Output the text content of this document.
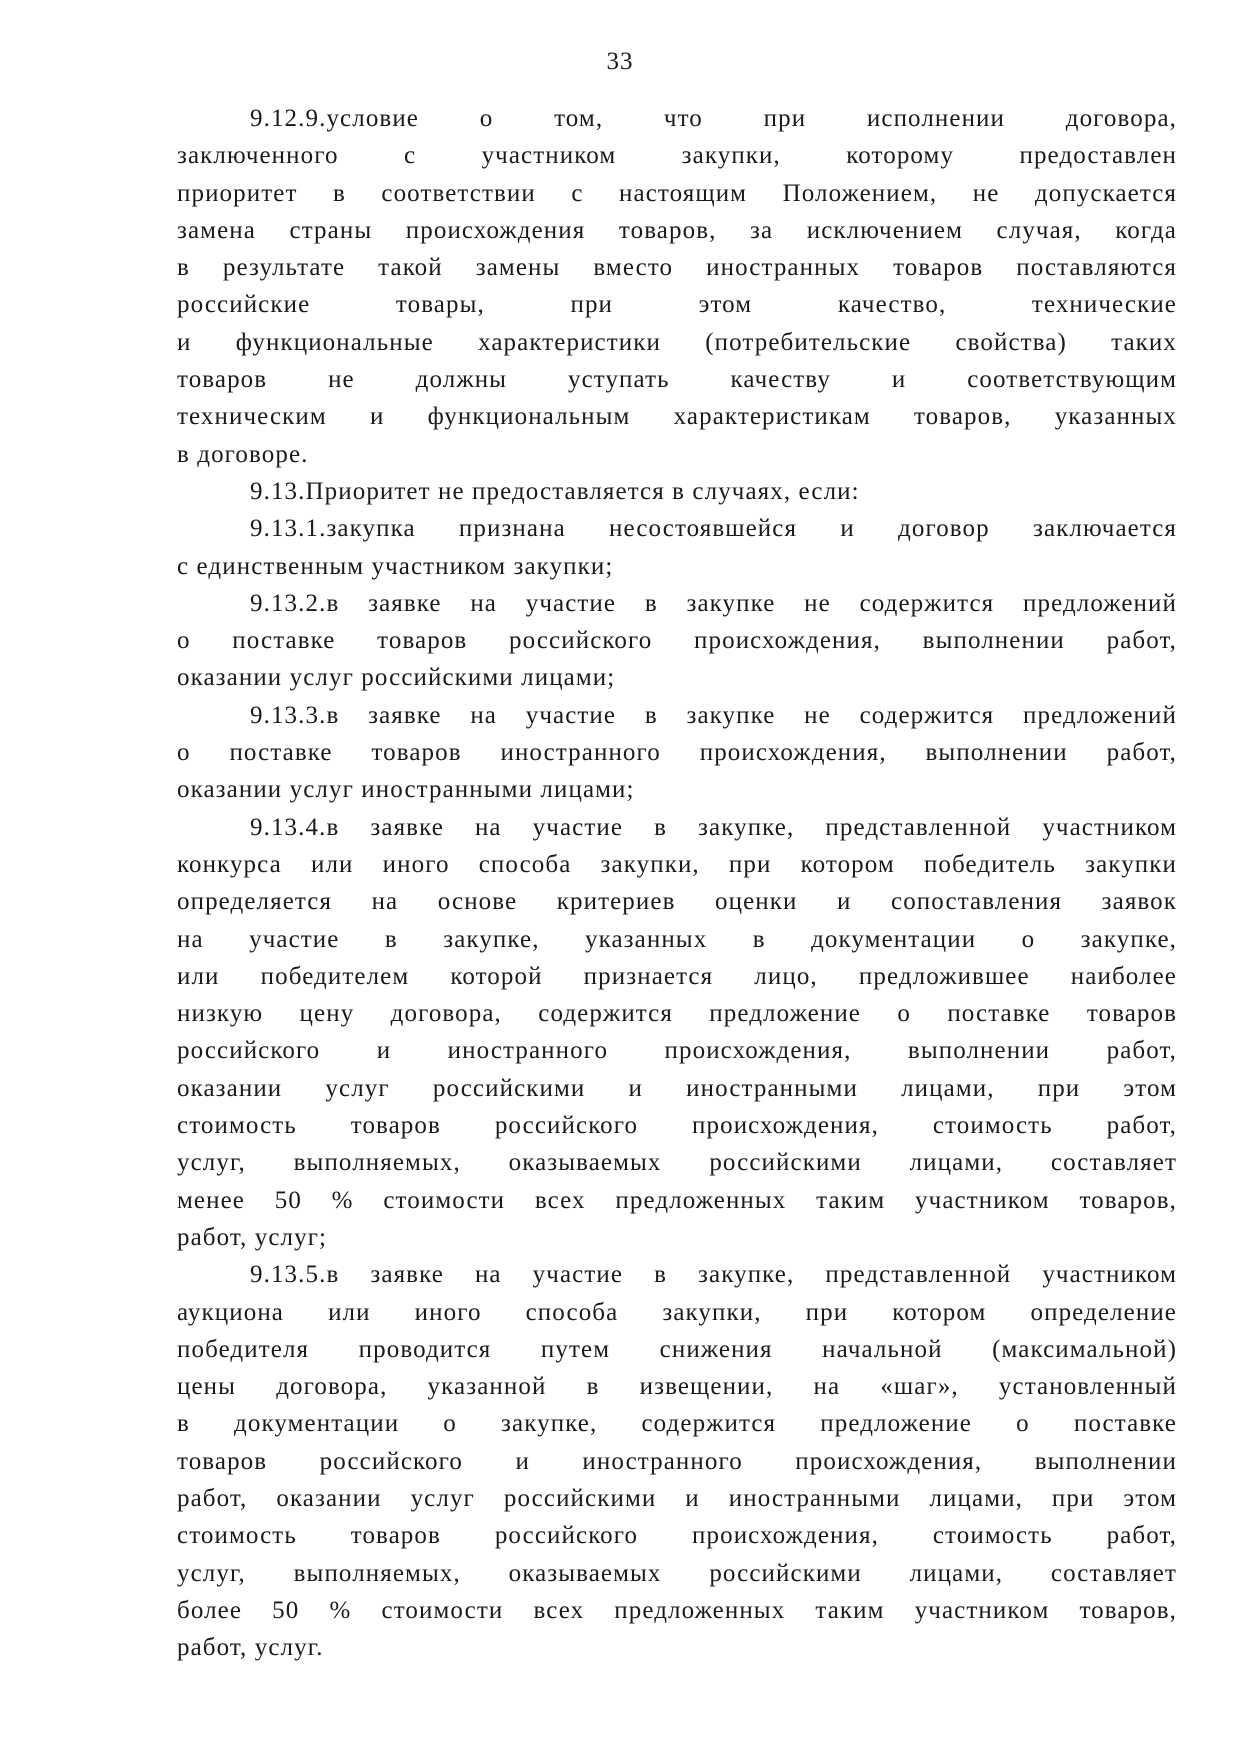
33
9.12.9.условие о том, что при исполнении договора,
заключенного с участником закупки, которому предоставлен
приоритет в соответствии с настоящим Положением, не допускается
замена страны происхождения товаров, за исключением случая, когда
в результате такой замены вместо иностранных товаров поставляются
российские товары, при этом качество, технические
и функциональные характеристики (потребительские свойства) таких
товаров не должны уступать качеству и соответствующим
техническим и функциональным характеристикам товаров, указанных
в договоре.
9.13.Приоритет не предоставляется в случаях, если:
9.13.1.закупка признана несостоявшейся и договор заключается
с единственным участником закупки;
9.13.2.в заявке на участие в закупке не содержится предложений
о поставке товаров российского происхождения, выполнении работ,
оказании услуг российскими лицами;
9.13.3.в заявке на участие в закупке не содержится предложений
о поставке товаров иностранного происхождения, выполнении работ,
оказании услуг иностранными лицами;
9.13.4.в заявке на участие в закупке, представленной участником
конкурса или иного способа закупки, при котором победитель закупки
определяется на основе критериев оценки и сопоставления заявок
на участие в закупке, указанных в документации о закупке,
или победителем которой признается лицо, предложившее наиболее
низкую цену договора, содержится предложение о поставке товаров
российского и иностранного происхождения, выполнении работ,
оказании услуг российскими и иностранными лицами, при этом
стоимость товаров российского происхождения, стоимость работ,
услуг, выполняемых, оказываемых российскими лицами, составляет
менее 50 % стоимости всех предложенных таким участником товаров,
работ, услуг;
9.13.5.в заявке на участие в закупке, представленной участником
аукциона или иного способа закупки, при котором определение
победителя проводится путем снижения начальной (максимальной)
цены договора, указанной в извещении, на «шаг», установленный
в документации о закупке, содержится предложение о поставке
товаров российского и иностранного происхождения, выполнении
работ, оказании услуг российскими и иностранными лицами, при этом
стоимость товаров российского происхождения, стоимость работ,
услуг, выполняемых, оказываемых российскими лицами, составляет
более 50 % стоимости всех предложенных таким участником товаров,
работ, услуг.
